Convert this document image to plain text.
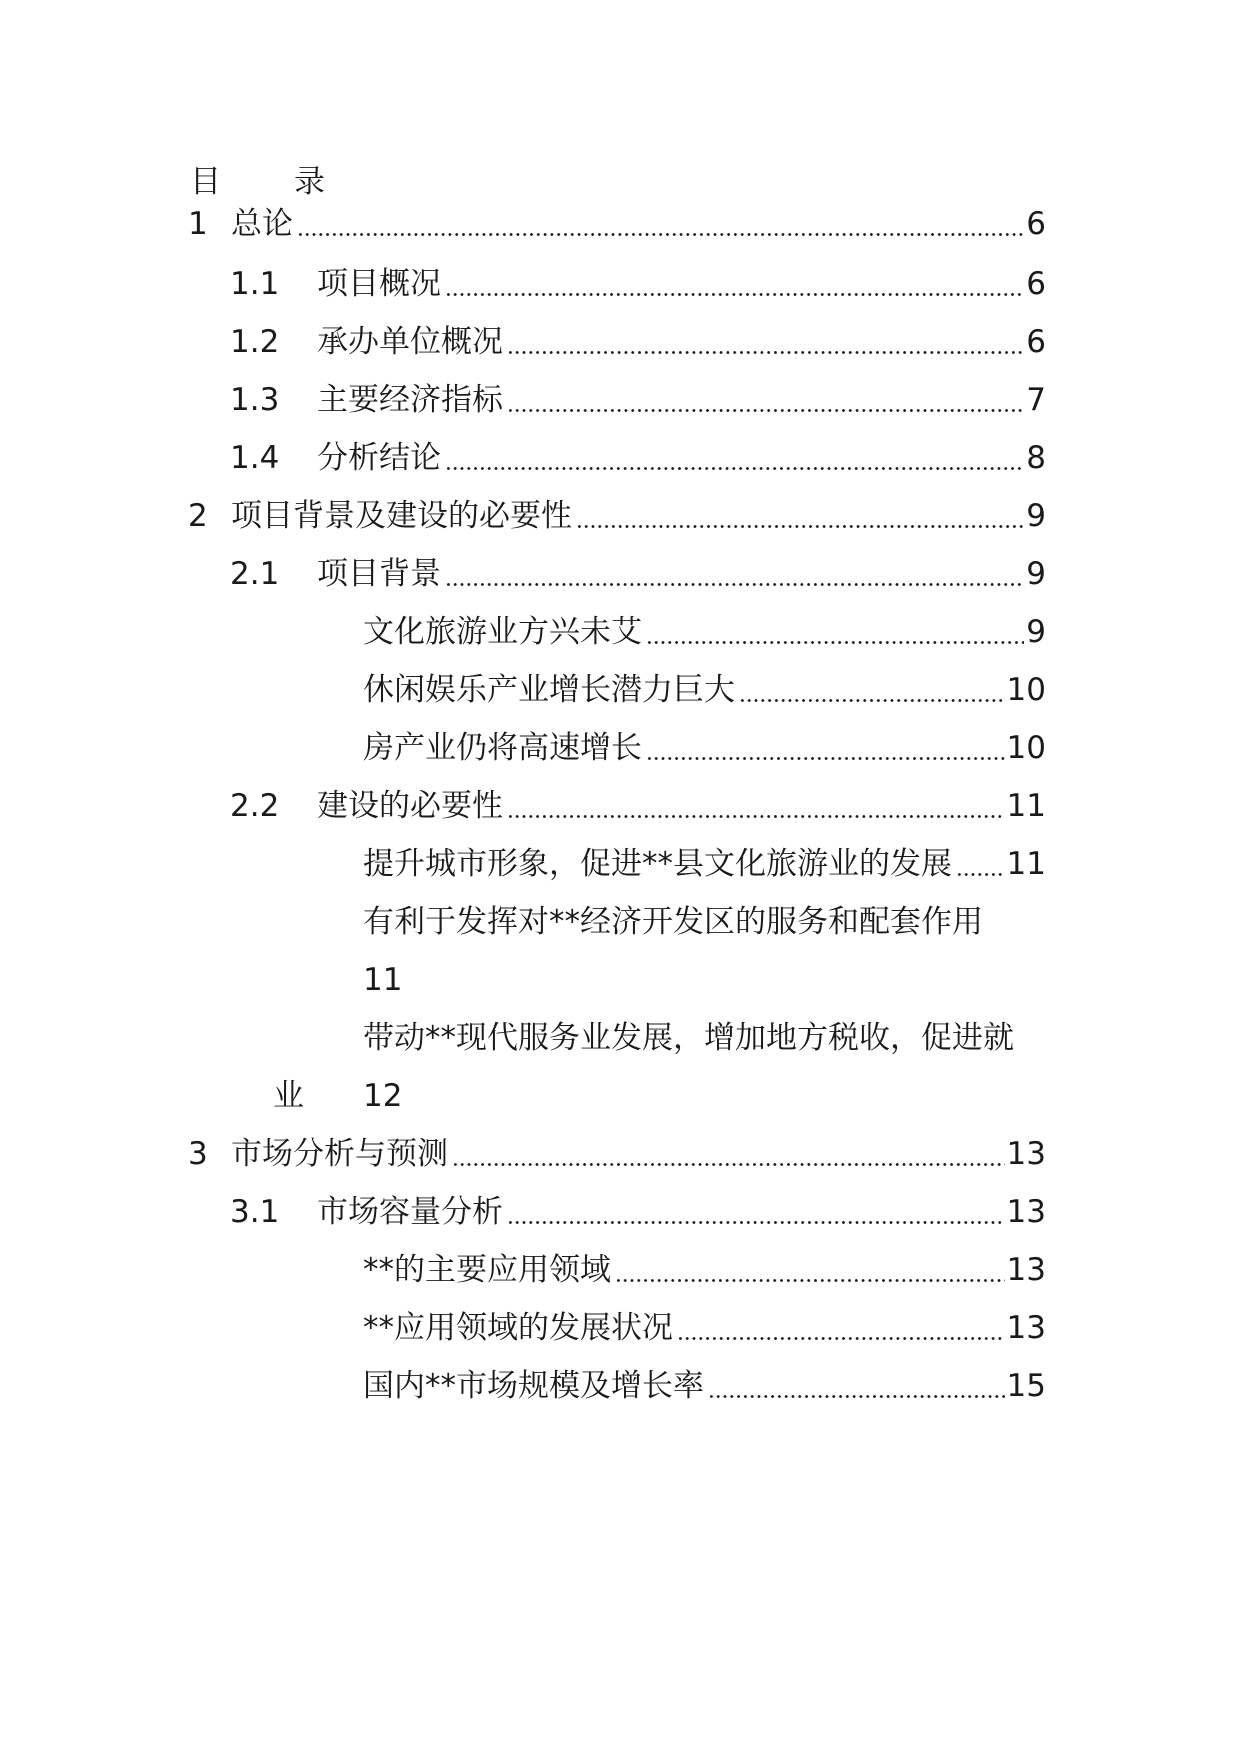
目 录
1 总论	6
1.1	项目概况	6
1.2	承办单位概况	6
1.3	主要经济指标	7
1.4	分析结论	8
2 项目背景及建设的必要性	9
2.1	项目背景	9
文化旅游业方兴未艾	9
休闲娱乐产业增长潜力巨大	10
房产业仍将高速增长	10
2.2	建设的必要性	11
提升城市形象，促进**县文化旅游业的发展 11
有利于发挥对**经济开发区的服务和配套作用
11
带动**现代服务业发展，增加地方税收，促进就
业 12
3 市场分析与预测	13
3.1	市场容量分析	13
**的主要应用领域	13
**应用领域的发展状况	13
国内**市场规模及增长率	15
